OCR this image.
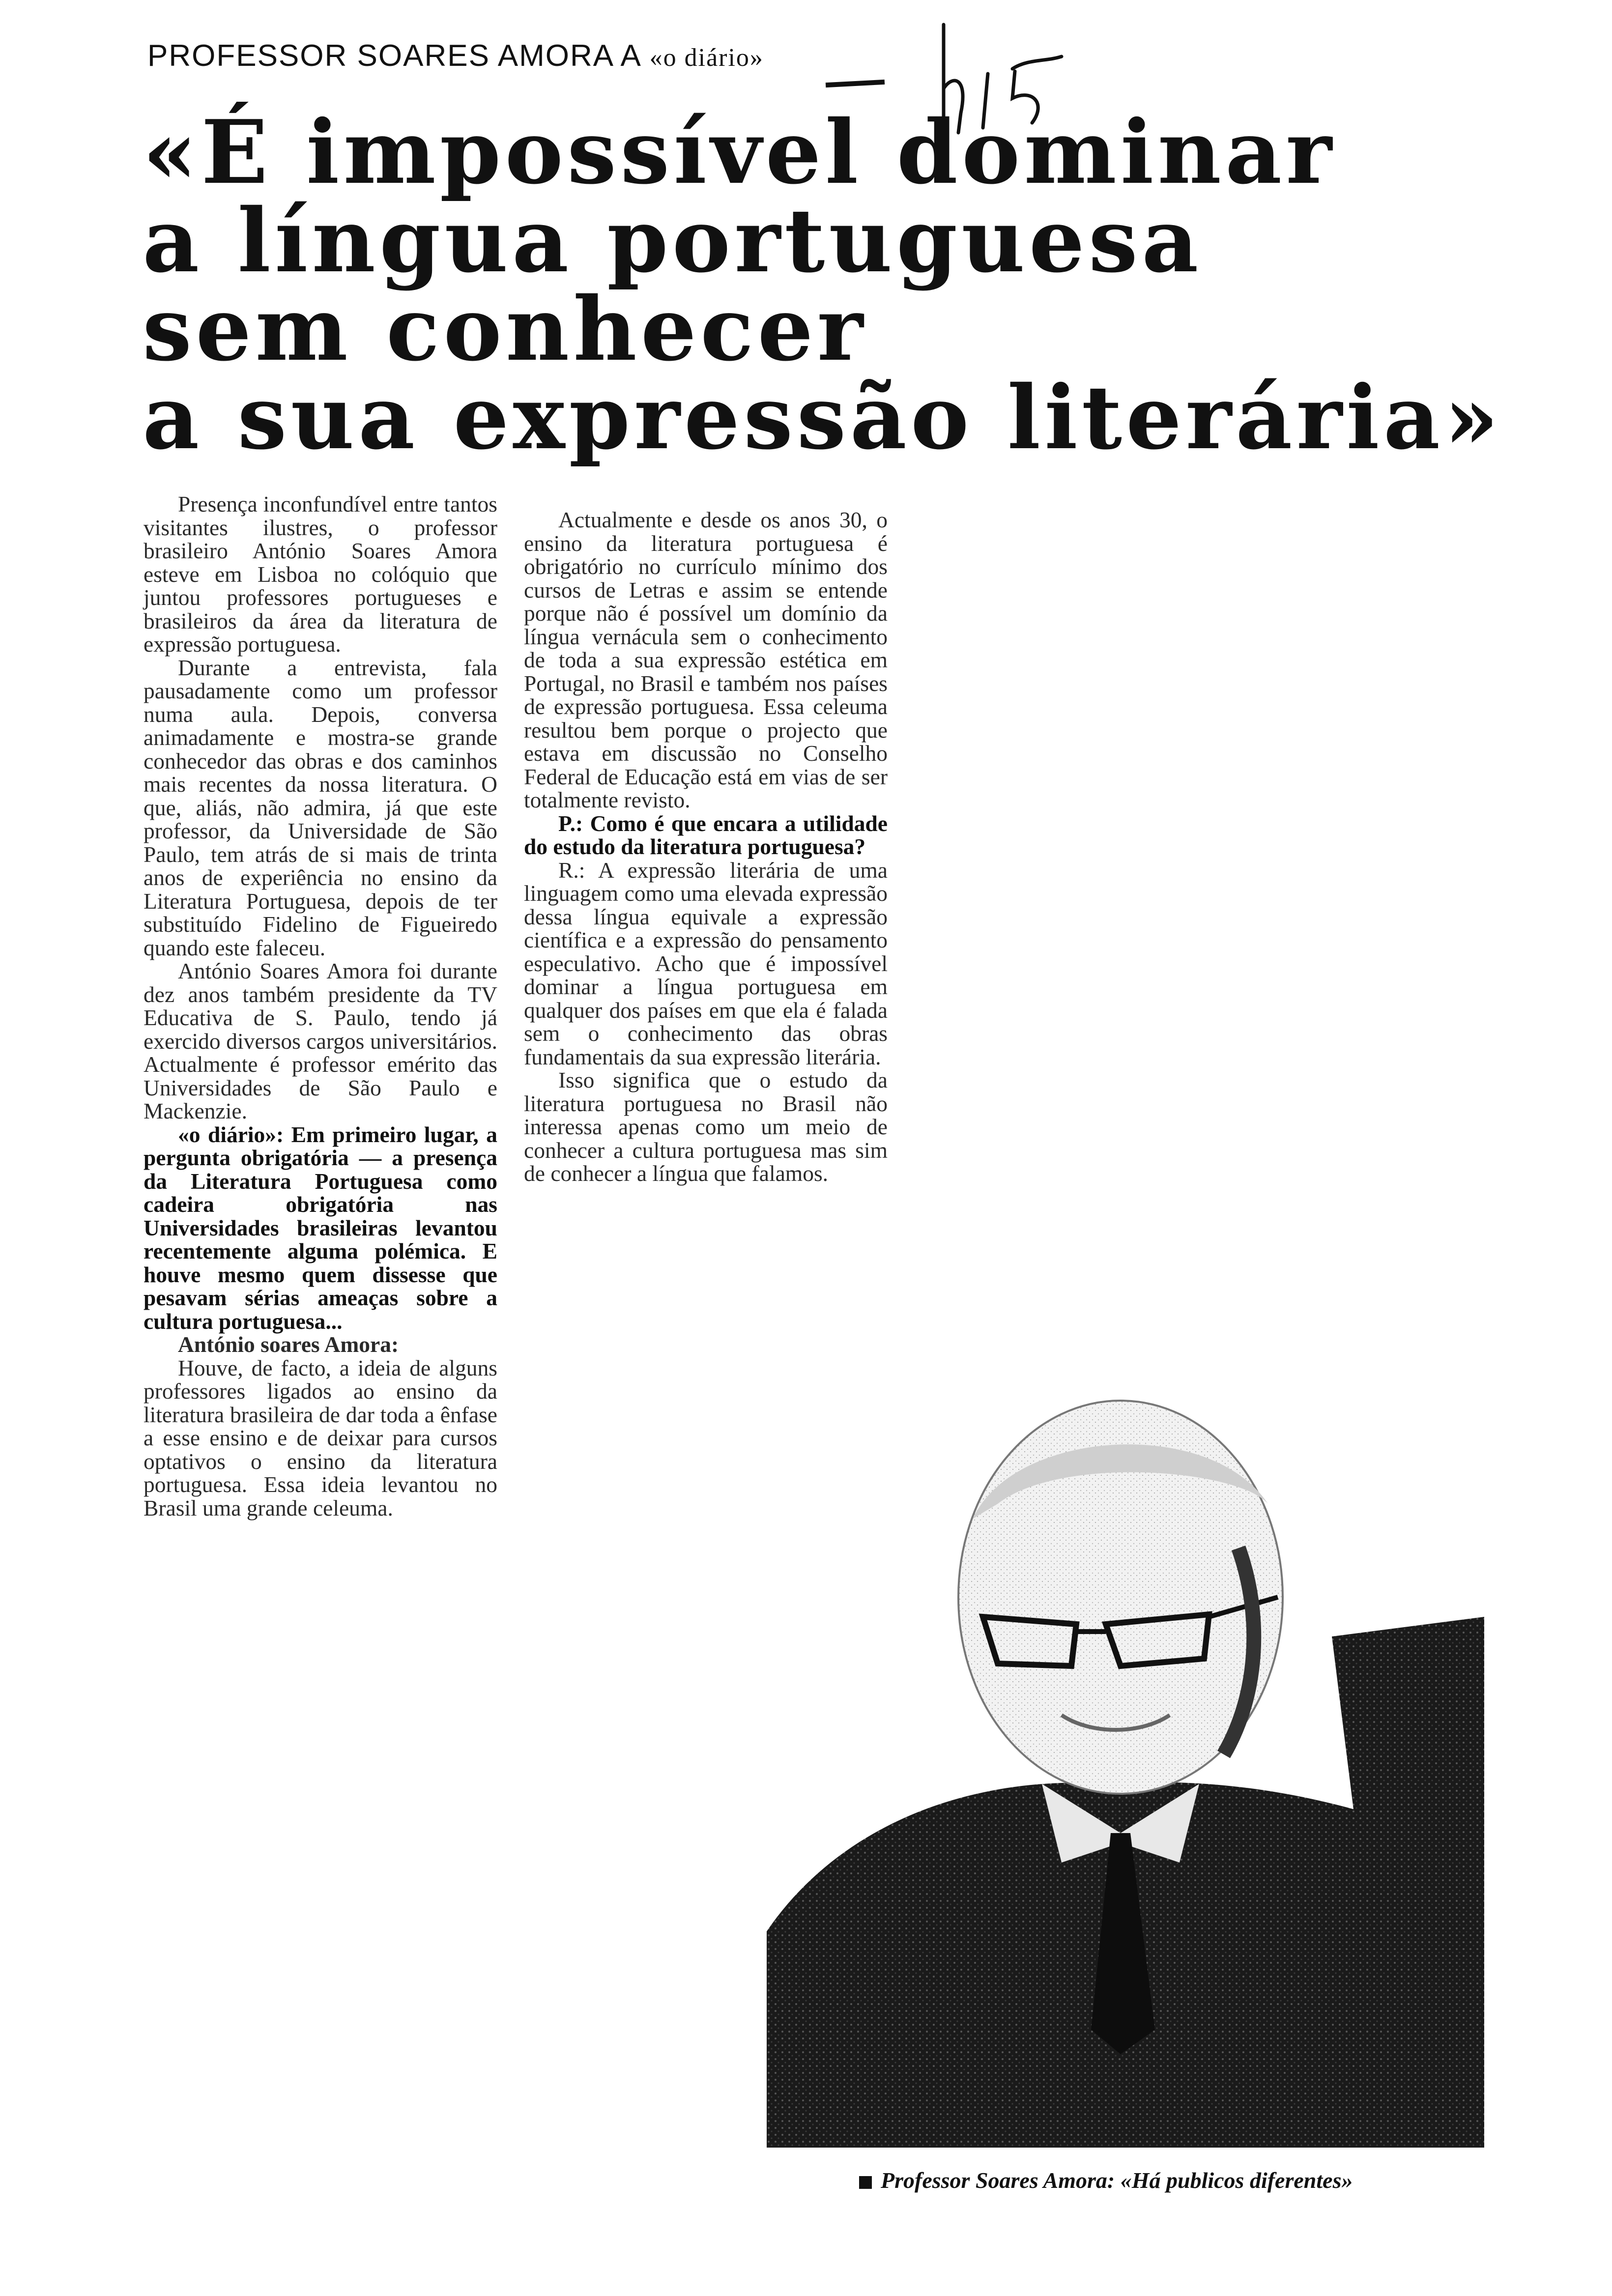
PROFESSOR SOARES AMORA A «o diário»
«É impossível dominar
a língua portuguesa
sem conhecer
a sua expressão literária»

Presença inconfundível entre tantos visitantes ilustres, o professor brasileiro António Soares Amora esteve em Lisboa no colóquio que juntou professores portugueses e brasileiros da área da literatura de expressão portuguesa.

Durante a entrevista, fala pausadamente como um professor numa aula. Depois, conversa animadamente e mostra-se grande conhecedor das obras e dos caminhos mais recentes da nossa literatura. O que, aliás, não admira, já que este professor, da Universidade de São Paulo, tem atrás de si mais de trinta anos de experiência no ensino da Literatura Portuguesa, depois de ter substituído Fidelino de Figueiredo quando este faleceu.

António Soares Amora foi durante dez anos também presidente da TV Educativa de S. Paulo, tendo já exercido diversos cargos universitários. Actualmente é professor emérito das Universidades de São Paulo e Mackenzie.

«o diário»: Em primeiro lugar, a pergunta obrigatória — a presença da Literatura Portuguesa como cadeira obrigatória nas Universidades brasileiras levantou recentemente alguma polémica. E houve mesmo quem dissesse que pesavam sérias ameaças sobre a cultura portuguesa...

António soares Amora:

Houve, de facto, a ideia de alguns professores ligados ao ensino da literatura brasileira de dar toda a ênfase a esse ensino e de deixar para cursos optativos o ensino da literatura portuguesa. Essa ideia levantou no Brasil uma grande celeuma.

Actualmente e desde os anos 30, o ensino da literatura portuguesa é obrigatório no currículo mínimo dos cursos de Letras e assim se entende porque não é possível um domínio da língua vernácula sem o conhecimento de toda a sua expressão estética em Portugal, no Brasil e também nos países de expressão portuguesa. Essa celeuma resultou bem porque o projecto que estava em discussão no Conselho Federal de Educação está em vias de ser totalmente revisto.

P.: Como é que encara a utilidade do estudo da literatura portuguesa?

R.: A expressão literária de uma linguagem como uma elevada expressão dessa língua equivale a expressão científica e a expressão do pensamento especulativo. Acho que é impossível dominar a língua portuguesa em qualquer dos países em que ela é falada sem o conhecimento das obras fundamentais da sua expressão literária.

Isso significa que o estudo da literatura portuguesa no Brasil não interessa apenas como um meio de conhecer a cultura portuguesa mas sim de conhecer a língua que falamos.

Professor Soares Amora: «Há publicos diferentes»
